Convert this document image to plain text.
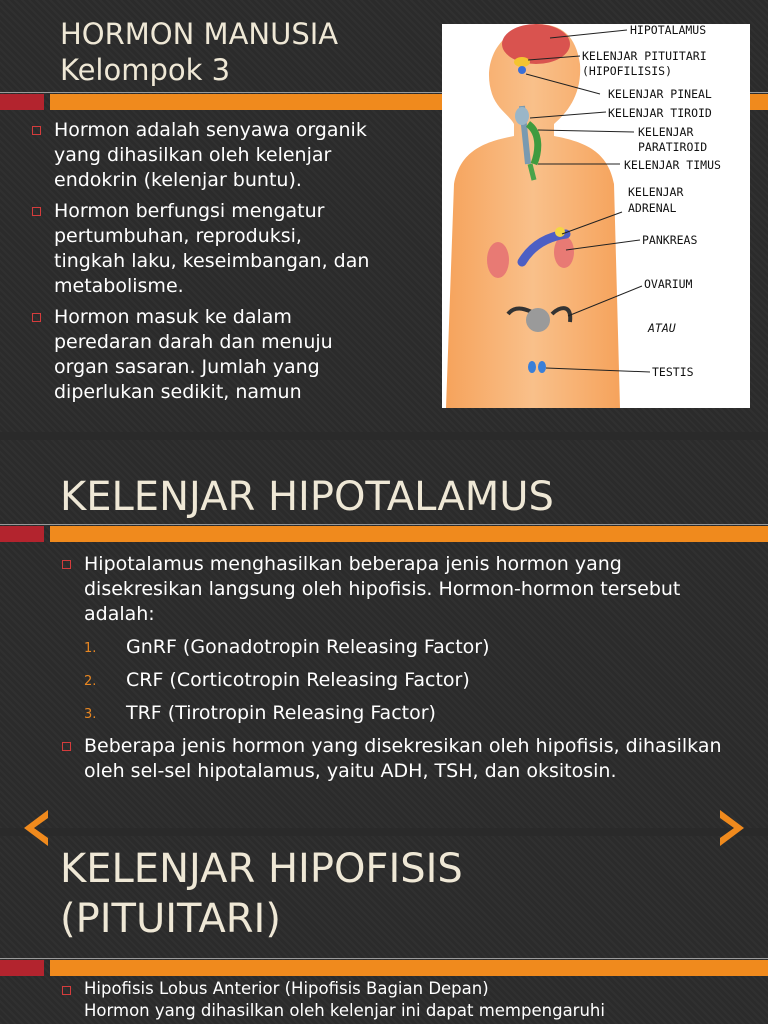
HORMON MANUSIA
Kelompok 3
Hormon adalah senyawa organik yang dihasilkan oleh kelenjar endokrin (kelenjar buntu).
Hormon berfungsi mengatur pertumbuhan, reproduksi, tingkah laku, keseimbangan, dan metabolisme.
Hormon masuk ke dalam peredaran darah dan menuju organ sasaran. Jumlah yang diperlukan sedikit, namun
HIPOTALAMUS
KELENJAR PITUITARI
(HIPOFILISIS)
KELENJAR PINEAL
KELENJAR TIROID
KELENJAR
PARATIROID
KELENJAR TIMUS
KELENJAR
ADRENAL
PANKREAS
OVARIUM
ATAU
TESTIS
KELENJAR HIPOTALAMUS
Hipotalamus menghasilkan beberapa jenis hormon yang disekresikan langsung oleh hipofisis. Hormon-hormon tersebut adalah:
1. GnRF (Gonadotropin Releasing Factor)
2. CRF (Corticotropin Releasing Factor)
3. TRF (Tirotropin Releasing Factor)
Beberapa jenis hormon yang disekresikan oleh hipofisis, dihasilkan oleh sel-sel hipotalamus, yaitu ADH, TSH, dan oksitosin.
KELENJAR HIPOFISIS
(PITUITARI)
Hipofisis Lobus Anterior (Hipofisis Bagian Depan)
Hormon yang dihasilkan oleh kelenjar ini dapat mempengaruhi
